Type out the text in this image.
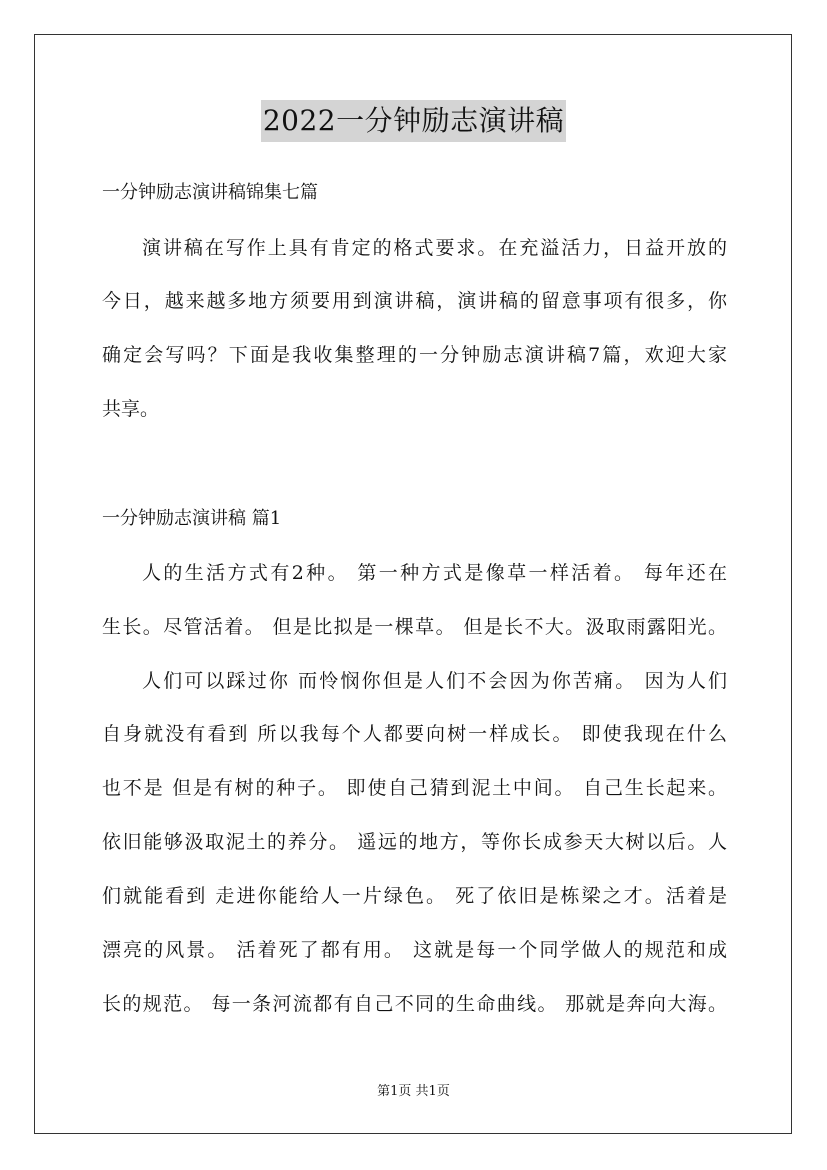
2022一分钟励志演讲稿
一分钟励志演讲稿锦集七篇
演讲稿在写作上具有肯定的格式要求。在充溢活力，日益开放的
今日，越来越多地方须要用到演讲稿，演讲稿的留意事项有很多，你
确定会写吗？下面是我收集整理的一分钟励志演讲稿7篇，欢迎大家
共享。
一分钟励志演讲稿 篇1
人的生活方式有2种。 第一种方式是像草一样活着。 每年还在
生长。尽管活着。 但是比拟是一棵草。 但是长不大。汲取雨露阳光。
人们可以踩过你 而怜悯你但是人们不会因为你苦痛。 因为人们
自身就没有看到 所以我每个人都要向树一样成长。 即使我现在什么
也不是 但是有树的种子。 即使自己猜到泥土中间。 自己生长起来。
依旧能够汲取泥土的养分。 遥远的地方，等你长成参天大树以后。人
们就能看到 走进你能给人一片绿色。 死了依旧是栋梁之才。活着是
漂亮的风景。 活着死了都有用。 这就是每一个同学做人的规范和成
长的规范。 每一条河流都有自己不同的生命曲线。 那就是奔向大海。
第1页 共1页
